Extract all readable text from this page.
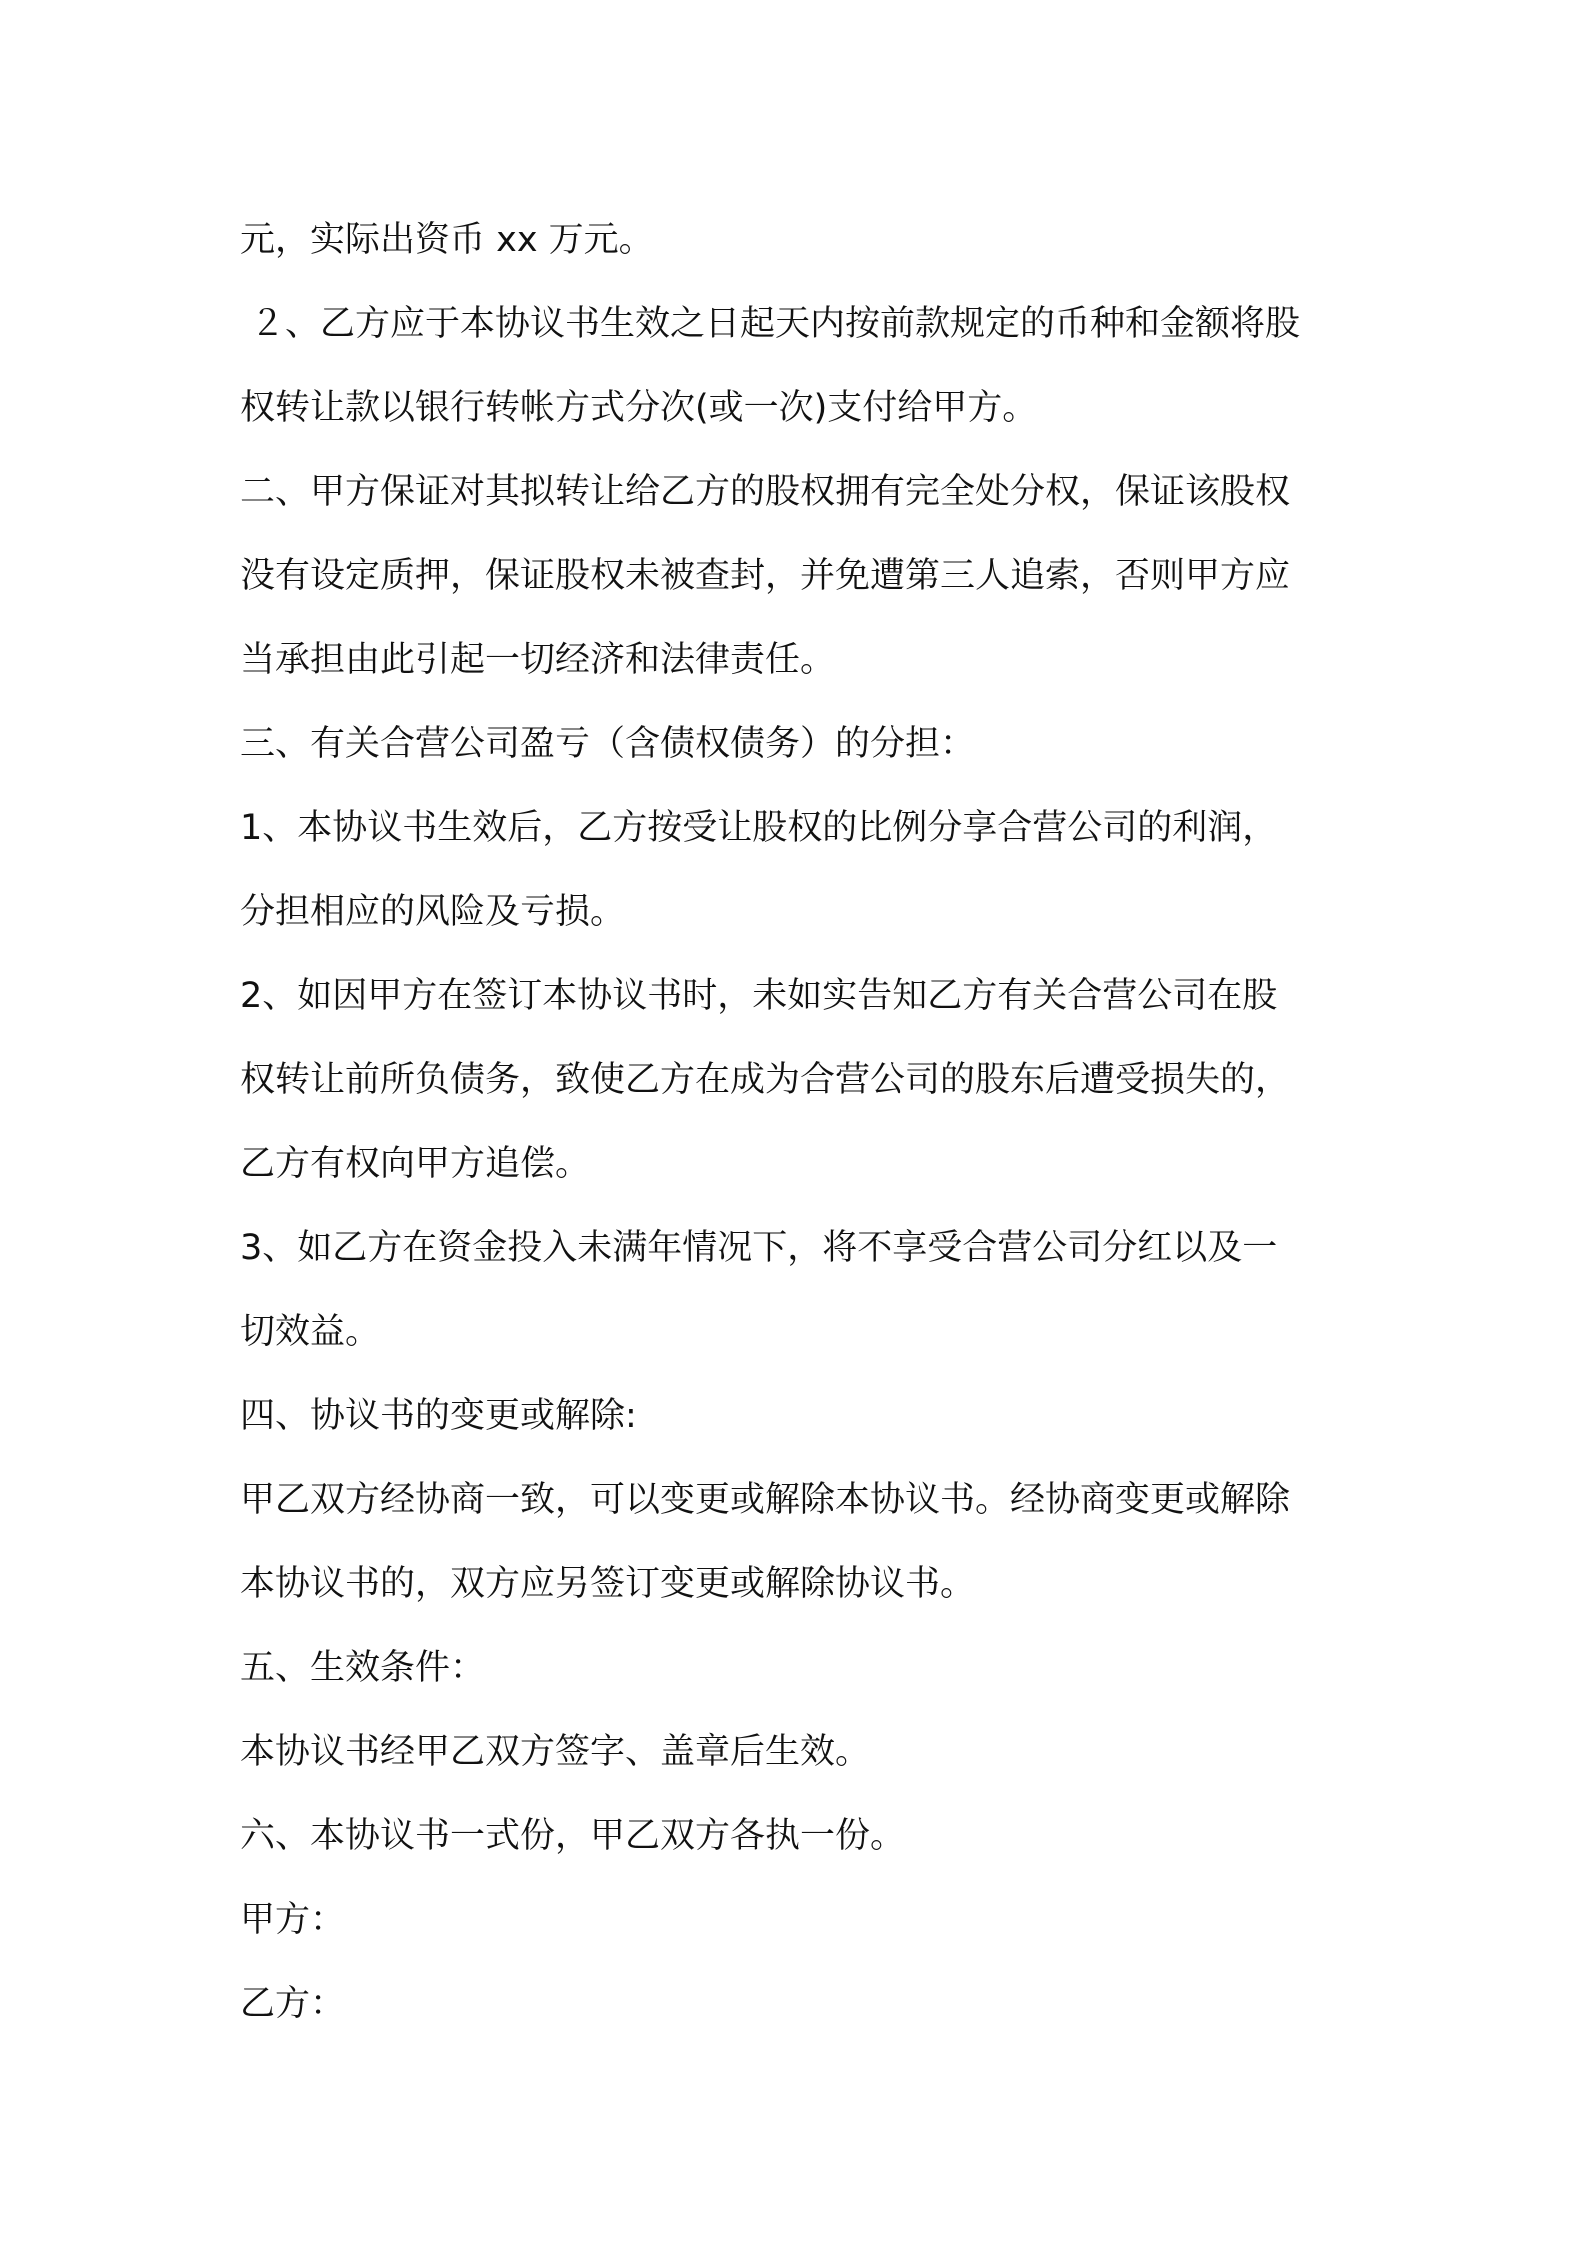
元，实际出资币 xx 万元。
２、乙方应于本协议书生效之日起天内按前款规定的币种和金额将股
权转让款以银行转帐方式分次(或一次)支付给甲方。
二、甲方保证对其拟转让给乙方的股权拥有完全处分权，保证该股权
没有设定质押，保证股权未被查封，并免遭第三人追索，否则甲方应
当承担由此引起一切经济和法律责任。
三、有关合营公司盈亏（含债权债务）的分担：
1、本协议书生效后，乙方按受让股权的比例分享合营公司的利润，
分担相应的风险及亏损。
2、如因甲方在签订本协议书时，未如实告知乙方有关合营公司在股
权转让前所负债务，致使乙方在成为合营公司的股东后遭受损失的，
乙方有权向甲方追偿。
3、如乙方在资金投入未满年情况下，将不享受合营公司分红以及一
切效益。
四、协议书的变更或解除:
甲乙双方经协商一致，可以变更或解除本协议书。经协商变更或解除
本协议书的，双方应另签订变更或解除协议书。
五、生效条件：
本协议书经甲乙双方签字、盖章后生效。
六、本协议书一式份，甲乙双方各执一份。
甲方：
乙方：
